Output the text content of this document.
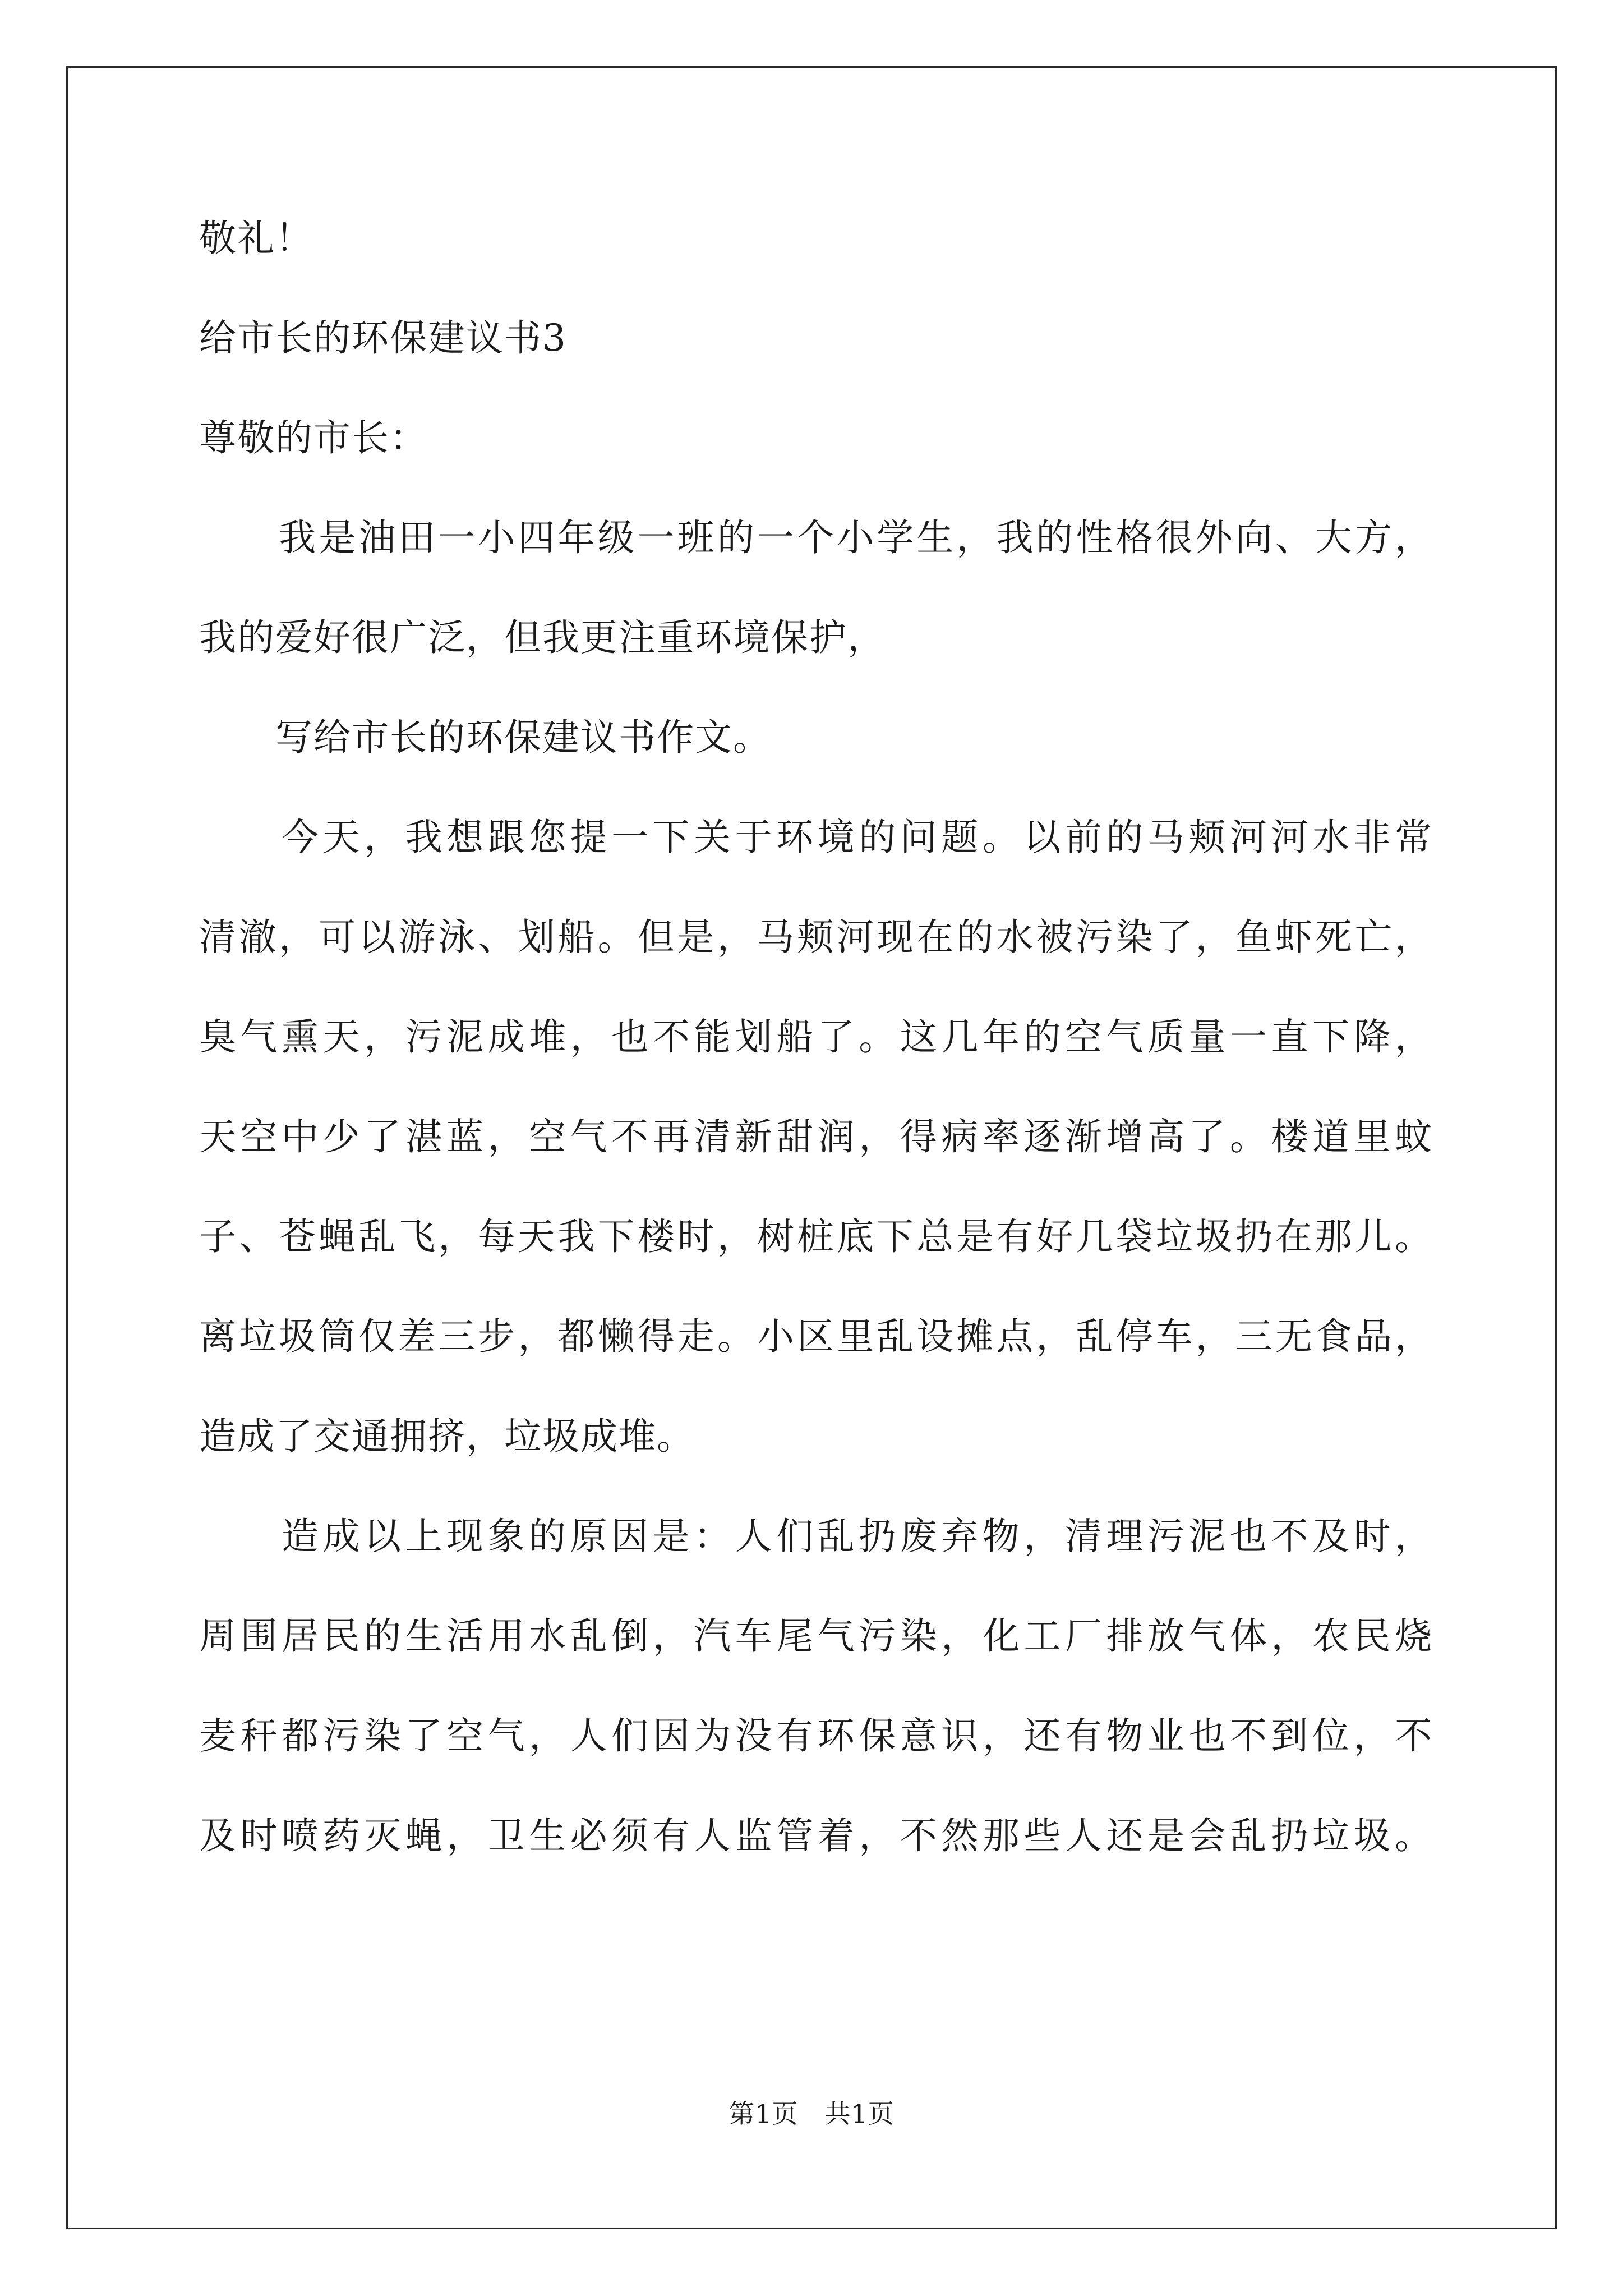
敬礼！
给市长的环保建议书3
尊敬的市长：
　　我是油田一小四年级一班的一个小学生，我的性格很外向、大方，
我的爱好很广泛，但我更注重环境保护，
　　写给市长的环保建议书作文。
　　今天，我想跟您提一下关于环境的问题。以前的马颊河河水非常
清澈，可以游泳、划船。但是，马颊河现在的水被污染了，鱼虾死亡，
臭气熏天，污泥成堆，也不能划船了。这几年的空气质量一直下降，
天空中少了湛蓝，空气不再清新甜润，得病率逐渐增高了。楼道里蚊
子、苍蝇乱飞，每天我下楼时，树桩底下总是有好几袋垃圾扔在那儿。
离垃圾筒仅差三步，都懒得走。小区里乱设摊点，乱停车，三无食品，
造成了交通拥挤，垃圾成堆。
　　造成以上现象的原因是：人们乱扔废弃物，清理污泥也不及时，
周围居民的生活用水乱倒，汽车尾气污染，化工厂排放气体，农民烧
麦秆都污染了空气，人们因为没有环保意识，还有物业也不到位，不
及时喷药灭蝇，卫生必须有人监管着，不然那些人还是会乱扔垃圾。
第1页　共1页
